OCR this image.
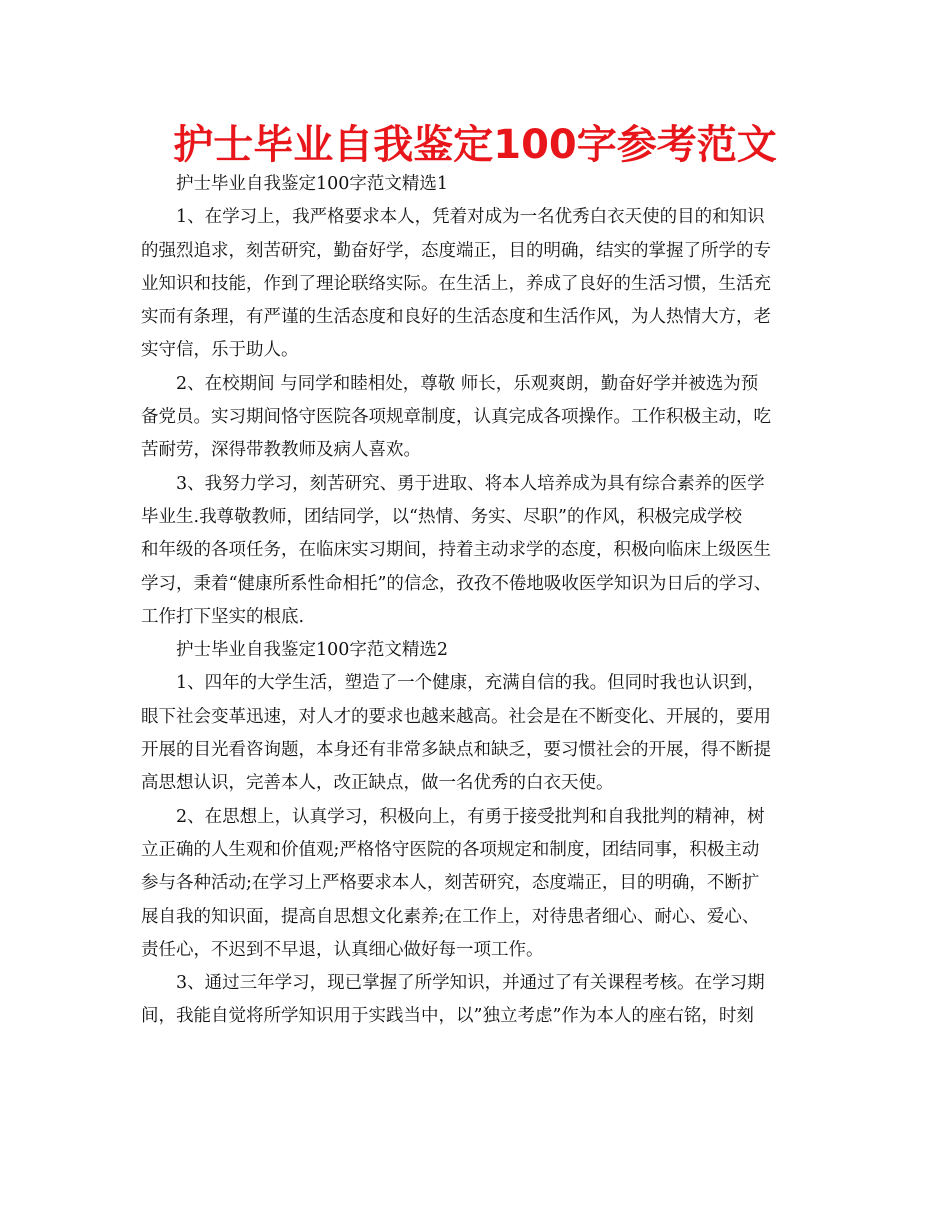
护士毕业自我鉴定100字参考范文
护士毕业自我鉴定100字范文精选1
1、在学习上，我严格要求本人，凭着对成为一名优秀白衣天使的目的和知识
的强烈追求，刻苦研究，勤奋好学，态度端正，目的明确，结实的掌握了所学的专
业知识和技能，作到了理论联络实际。在生活上，养成了良好的生活习惯，生活充
实而有条理，有严谨的生活态度和良好的生活态度和生活作风，为人热情大方，老
实守信，乐于助人。
2、在校期间 与同学和睦相处，尊敬 师长，乐观爽朗，勤奋好学并被选为预
备党员。实习期间恪守医院各项规章制度，认真完成各项操作。工作积极主动，吃
苦耐劳，深得带教教师及病人喜欢。
3、我努力学习，刻苦研究、勇于进取、将本人培养成为具有综合素养的医学
毕业生.我尊敬教师，团结同学，以“热情、务实、尽职”的作风，积极完成学校
和年级的各项任务，在临床实习期间，持着主动求学的态度，积极向临床上级医生
学习，秉着“健康所系性命相托”的信念，孜孜不倦地吸收医学知识为日后的学习、
工作打下坚实的根底.
护士毕业自我鉴定100字范文精选2
1、四年的大学生活，塑造了一个健康，充满自信的我。但同时我也认识到，
眼下社会变革迅速，对人才的要求也越来越高。社会是在不断变化、开展的，要用
开展的目光看咨询题，本身还有非常多缺点和缺乏，要习惯社会的开展，得不断提
高思想认识，完善本人，改正缺点，做一名优秀的白衣天使。
2、在思想上，认真学习，积极向上，有勇于接受批判和自我批判的精神，树
立正确的人生观和价值观;严格恪守医院的各项规定和制度，团结同事，积极主动
参与各种活动;在学习上严格要求本人，刻苦研究，态度端正，目的明确，不断扩
展自我的知识面，提高自思想文化素养;在工作上，对待患者细心、耐心、爱心、
责任心，不迟到不早退，认真细心做好每一项工作。
3、通过三年学习，现已掌握了所学知识，并通过了有关课程考核。在学习期
间，我能自觉将所学知识用于实践当中，以”独立考虑”作为本人的座右铭，时刻
